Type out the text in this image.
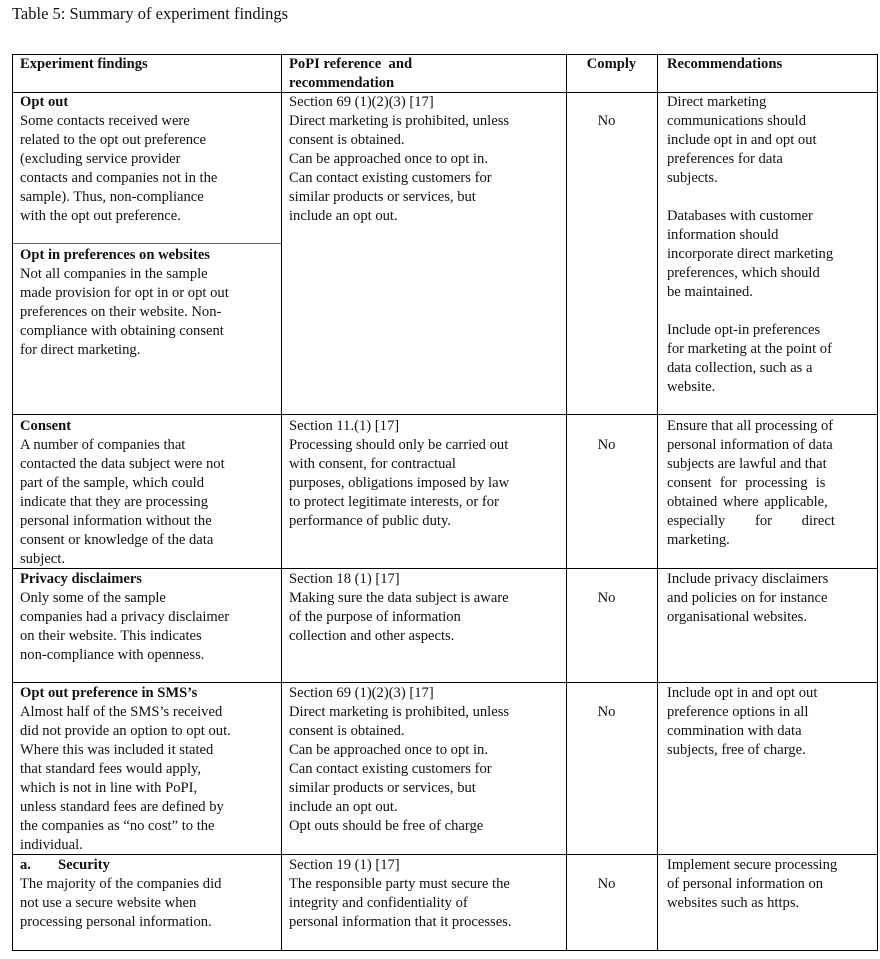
Table 5: Summary of experiment findings
Experiment findings	PoPI reference  and
recommendation
Comply	Recommendations
Opt out
Some contacts received were
related to the opt out preference
(excluding service provider
contacts and companies not in the
sample). Thus, non-compliance
with the opt out preference.
Opt in preferences on websites
Not all companies in the sample
made provision for opt in or opt out
preferences on their website. Non-
compliance with obtaining consent
for direct marketing.
Section 69 (1)(2)(3) [17]
Direct marketing is prohibited, unless
consent is obtained.
Can be approached once to opt in.
Can contact existing customers for
similar products or services, but
include an opt out.
No
Direct marketing
communications should
include opt in and opt out
preferences for data
subjects.
Databases with customer
information should
incorporate direct marketing
preferences, which should
be maintained.
Include opt-in preferences
for marketing at the point of
data collection, such as a
website.
Consent
A number of companies that
contacted the data subject were not
part of the sample, which could
indicate that they are processing
personal information without the
consent or knowledge of the data
subject.
Section 11.(1) [17]
Processing should only be carried out
with consent, for contractual
purposes, obligations imposed by law
to protect legitimate interests, or for
performance of public duty.
No
Ensure that all processing of
personal information of data
subjects are lawful and that
consent for processing is
obtained where applicable,
especially for direct
marketing.
Privacy disclaimers
Only some of the sample
companies had a privacy disclaimer
on their website. This indicates
non-compliance with openness.
Section 18 (1) [17]
Making sure the data subject is aware
of the purpose of information
collection and other aspects.
No
Include privacy disclaimers
and policies on for instance
organisational websites.
Opt out preference in SMS’s
Almost half of the SMS’s received
did not provide an option to opt out.
Where this was included it stated
that standard fees would apply,
which is not in line with PoPI,
unless standard fees are defined by
the companies as “no cost” to the
individual.
Section 69 (1)(2)(3) [17]
Direct marketing is prohibited, unless
consent is obtained.
Can be approached once to opt in.
Can contact existing customers for
similar products or services, but
include an opt out.
Opt outs should be free of charge
No
Include opt in and opt out
preference options in all
commination with data
subjects, free of charge.
a. Security
The majority of the companies did
not use a secure website when
processing personal information.
Section 19 (1) [17]
The responsible party must secure the
integrity and confidentiality of
personal information that it processes.
No
Implement secure processing
of personal information on
websites such as https.
